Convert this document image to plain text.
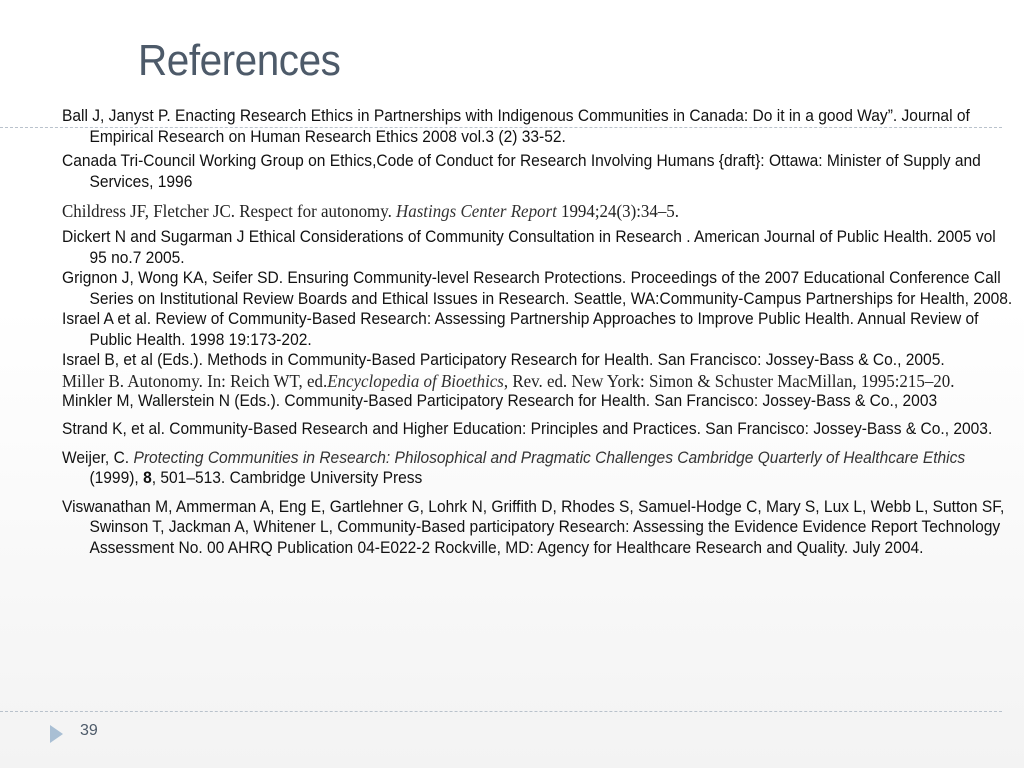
References
Ball J, Janyst P. Enacting Research Ethics in Partnerships with Indigenous Communities in Canada: Do it in a good Way”. Journal of Empirical Research on Human Research Ethics 2008 vol.3 (2) 33-52.
Canada Tri-Council Working Group on Ethics,Code of Conduct for Research Involving Humans {draft}: Ottawa: Minister of Supply and Services, 1996
Childress JF, Fletcher JC. Respect for autonomy. Hastings Center Report 1994;24(3):34–5.
Dickert N and Sugarman J Ethical Considerations of Community Consultation in Research . American Journal of Public Health. 2005 vol 95 no.7 2005.
Grignon J, Wong KA, Seifer SD. Ensuring Community-level Research Protections. Proceedings of the 2007 Educational Conference Call Series on Institutional Review Boards and Ethical Issues in Research. Seattle, WA:Community-Campus Partnerships for Health, 2008.
Israel A et al. Review of Community-Based Research: Assessing Partnership Approaches to Improve Public Health. Annual Review of Public Health. 1998 19:173-202.
Israel B, et al (Eds.). Methods in Community-Based Participatory Research for Health. San Francisco: Jossey-Bass & Co., 2005.
Miller B. Autonomy. In: Reich WT, ed.Encyclopedia of Bioethics, Rev. ed. New York: Simon & Schuster MacMillan, 1995:215–20.
Minkler M, Wallerstein N (Eds.). Community-Based Participatory Research for Health. San Francisco: Jossey-Bass & Co., 2003
Strand K, et al. Community-Based Research and Higher Education: Principles and Practices. San Francisco: Jossey-Bass & Co., 2003.
Weijer, C. Protecting Communities in Research: Philosophical and Pragmatic Challenges Cambridge Quarterly of Healthcare Ethics (1999), 8, 501–513. Cambridge University Press
Viswanathan M, Ammerman A, Eng E, Gartlehner G, Lohrk N, Griffith D, Rhodes S, Samuel-Hodge C, Mary S, Lux L, Webb L, Sutton SF, Swinson T, Jackman A, Whitener L, Community-Based participatory Research: Assessing the Evidence Evidence Report Technology Assessment No. 00 AHRQ Publication 04-E022-2 Rockville, MD: Agency for Healthcare Research and Quality. July 2004.
39
